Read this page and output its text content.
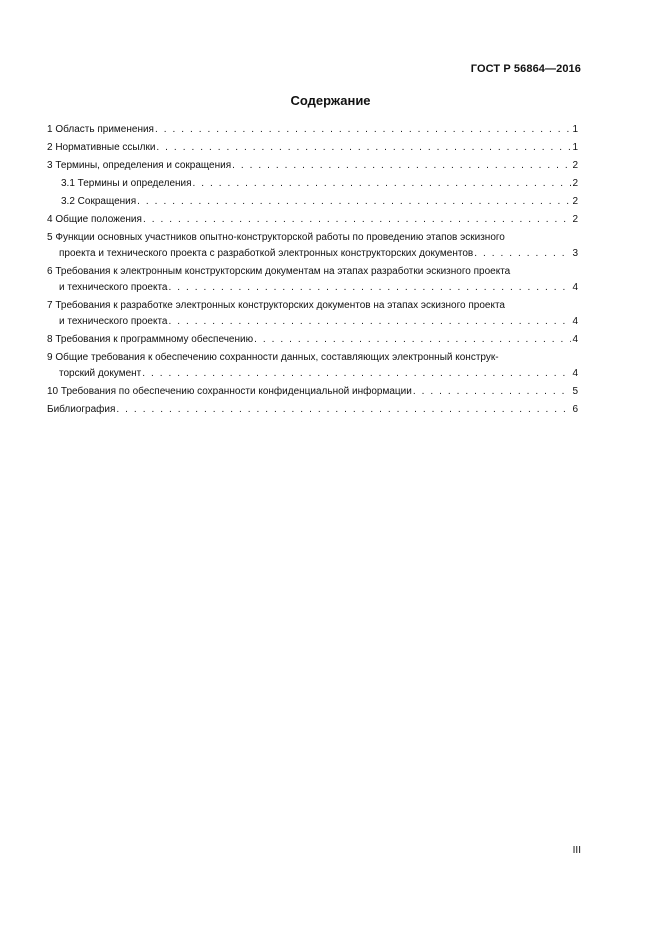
ГОСТ Р 56864—2016
Содержание
1 Область применения . . .	1
2 Нормативные ссылки . . .	1
3 Термины, определения и сокращения . . .	2
3.1 Термины и определения . . .	2
3.2 Сокращения . . .	2
4 Общие положения . . .	2
5 Функции основных участников опытно-конструкторской работы по проведению этапов эскизного
проекта и технического проекта с разработкой электронных конструкторских документов . . .	3
6 Требования к электронным конструкторским документам на этапах разработки эскизного проекта
и технического проекта . . .	4
7 Требования к разработке электронных конструкторских документов на этапах эскизного проекта
и технического проекта . . .	4
8 Требования к программному обеспечению . . .	4
9 Общие требования к обеспечению сохранности данных, составляющих электронный конструк-
торский документ . . .	4
10 Требования по обеспечению сохранности конфиденциальной информации . . .	5
Библиография . . .	6
III
